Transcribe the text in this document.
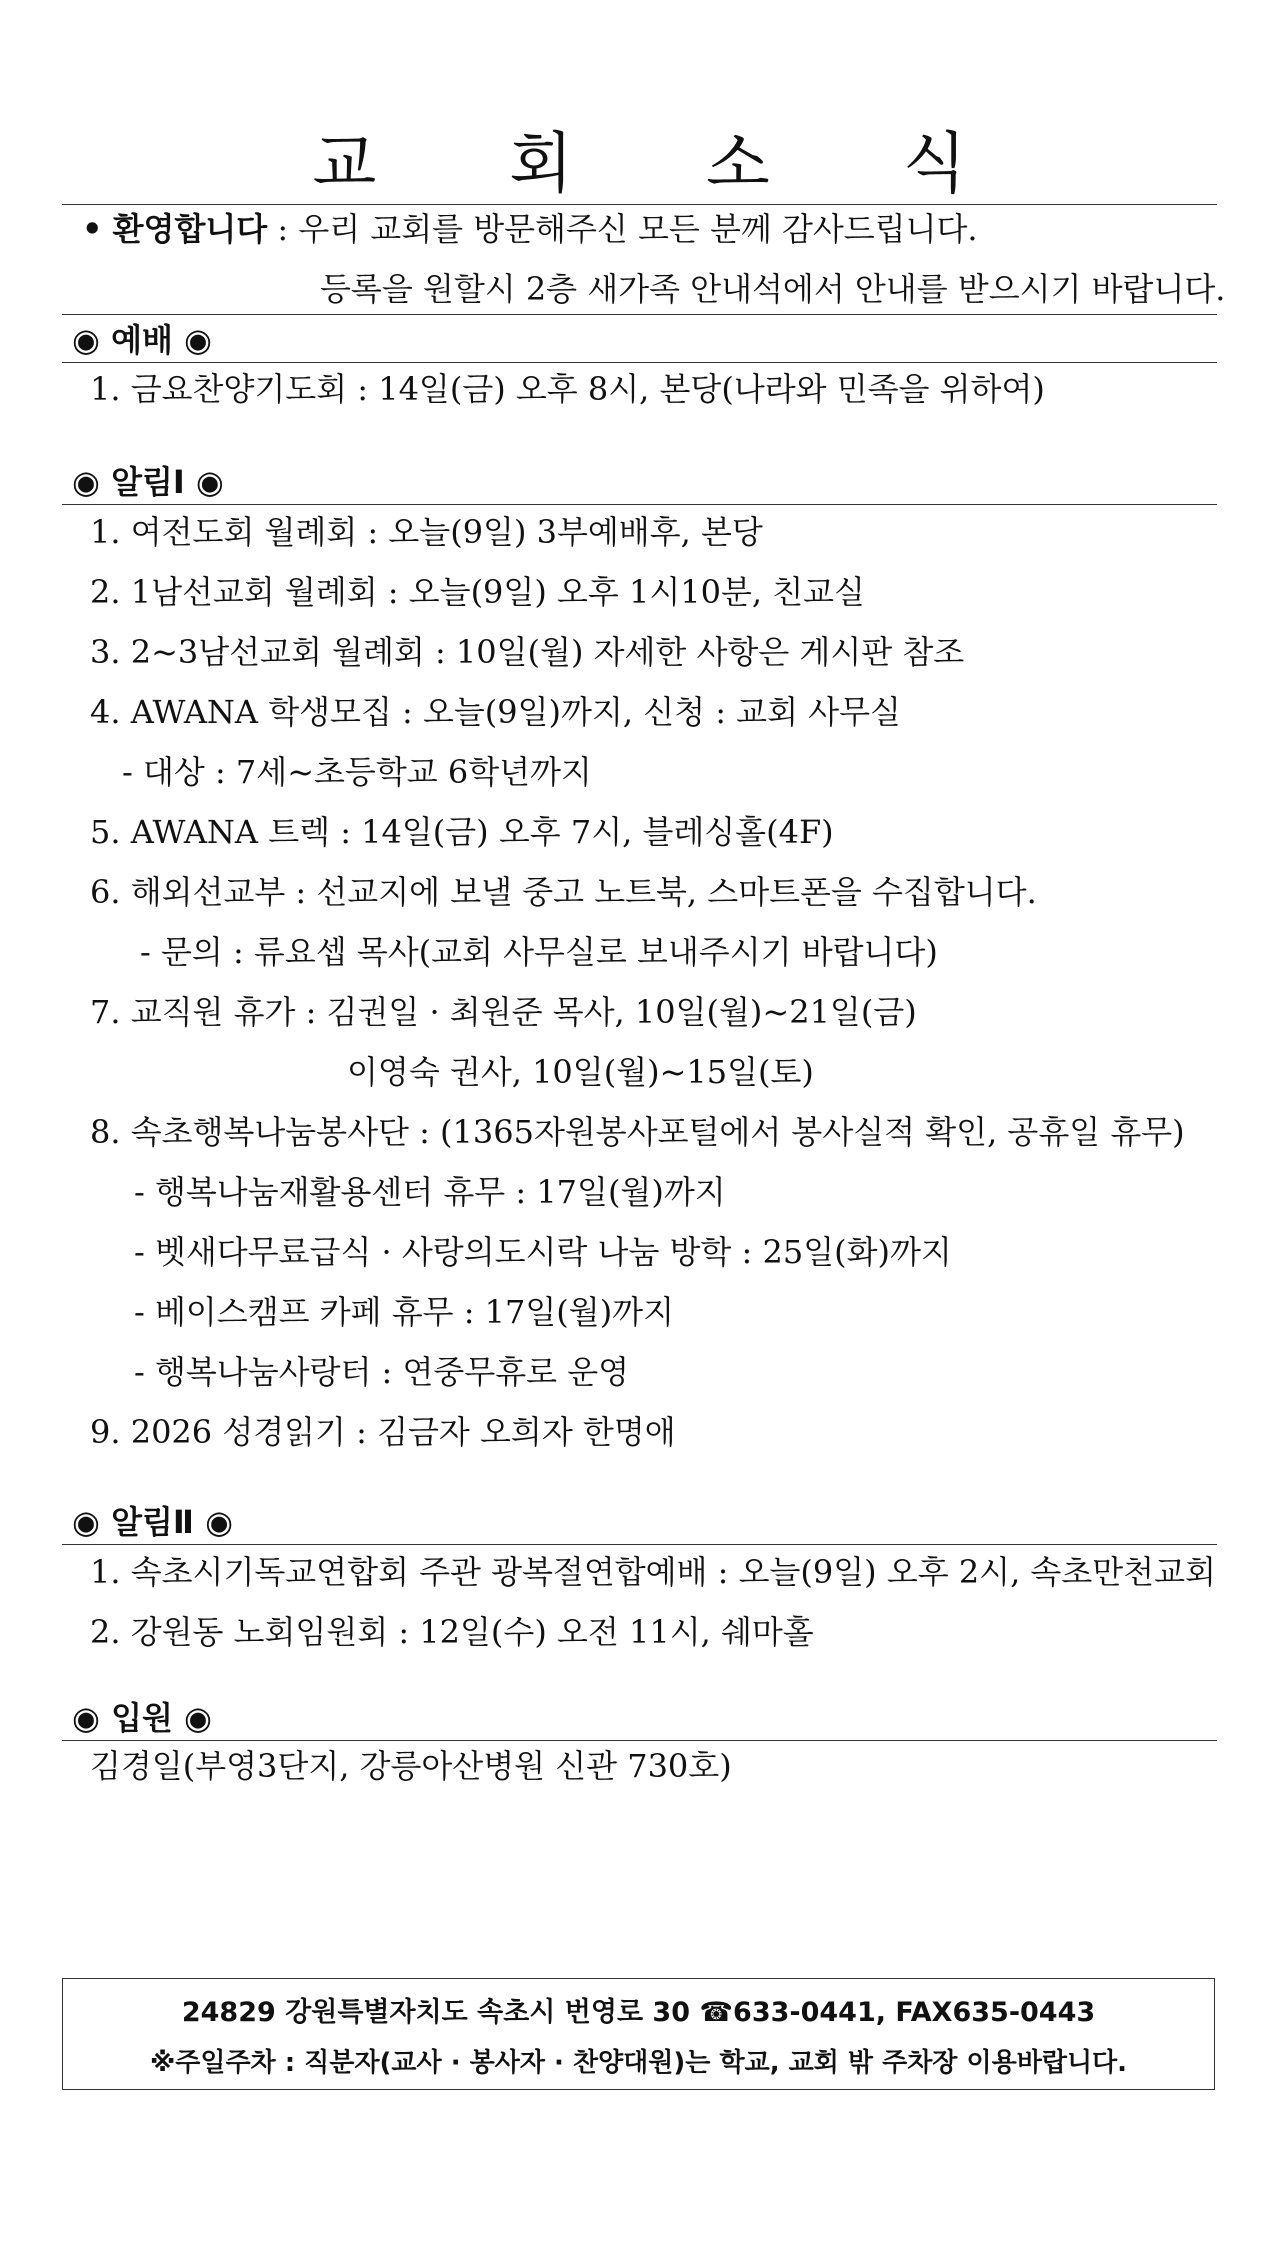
교 회 소 식
• 환영합니다 : 우리 교회를 방문해주신 모든 분께 감사드립니다.
등록을 원할시 2층 새가족 안내석에서 안내를 받으시기 바랍니다.
◉ 예배 ◉
1. 금요찬양기도회 : 14일(금) 오후 8시, 본당(나라와 민족을 위하여)
◉ 알림Ⅰ ◉
1. 여전도회 월례회 : 오늘(9일) 3부예배후, 본당
2. 1남선교회 월례회 : 오늘(9일) 오후 1시10분, 친교실
3. 2~3남선교회 월례회 : 10일(월) 자세한 사항은 게시판 참조
4. AWANA 학생모집 : 오늘(9일)까지, 신청 : 교회 사무실
- 대상 : 7세~초등학교 6학년까지
5. AWANA 트렉 : 14일(금) 오후 7시, 블레싱홀(4F)
6. 해외선교부 : 선교지에 보낼 중고 노트북, 스마트폰을 수집합니다.
- 문의 : 류요셉 목사(교회 사무실로 보내주시기 바랍니다)
7. 교직원 휴가 : 김권일 · 최원준 목사, 10일(월)~21일(금)
이영숙 권사, 10일(월)~15일(토)
8. 속초행복나눔봉사단 : (1365자원봉사포털에서 봉사실적 확인, 공휴일 휴무)
- 행복나눔재활용센터 휴무 : 17일(월)까지
- 벳새다무료급식 · 사랑의도시락 나눔 방학 : 25일(화)까지
- 베이스캠프 카페 휴무 : 17일(월)까지
- 행복나눔사랑터 : 연중무휴로 운영
9. 2026 성경읽기 : 김금자 오희자 한명애
◉ 알림Ⅱ ◉
1. 속초시기독교연합회 주관 광복절연합예배 : 오늘(9일) 오후 2시, 속초만천교회
2. 강원동 노회임원회 : 12일(수) 오전 11시, 쉐마홀
◉ 입원 ◉
김경일(부영3단지, 강릉아산병원 신관 730호)
24829 강원특별자치도 속초시 번영로 30 ☎633-0441, FAX635-0443
※주일주차 : 직분자(교사 · 봉사자 · 찬양대원)는 학교, 교회 밖 주차장 이용바랍니다.
